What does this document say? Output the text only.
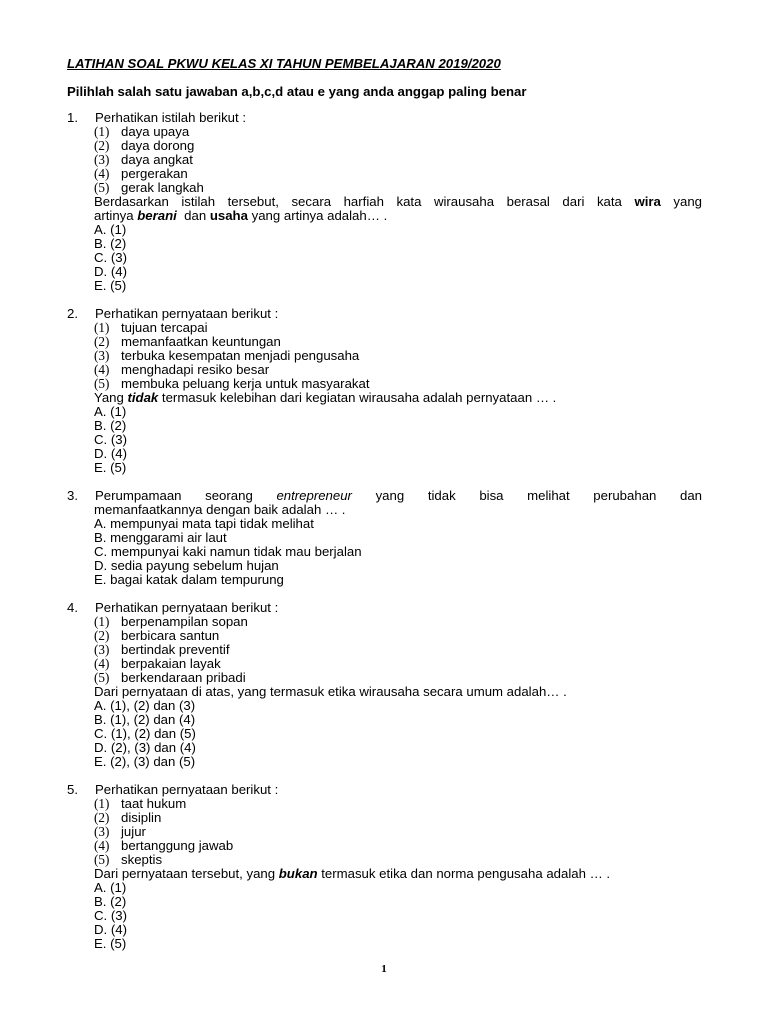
LATIHAN SOAL PKWU KELAS XI TAHUN PEMBELAJARAN 2019/2020
Pilihlah salah satu jawaban a,b,c,d atau e yang anda anggap paling benar
1.	Perhatikan istilah berikut :
(1) daya upaya
(2) daya dorong
(3) daya angkat
(4) pergerakan
(5) gerak langkah
Berdasarkan istilah tersebut, secara harfiah kata wirausaha berasal dari kata wira yang
artinya berani  dan usaha yang artinya adalah… .
A. (1)
B. (2)
C. (3)
D. (4)
E. (5)
2.	Perhatikan pernyataan berikut :
(1) tujuan tercapai
(2) memanfaatkan keuntungan
(3) terbuka kesempatan menjadi pengusaha
(4) menghadapi resiko besar
(5) membuka peluang kerja untuk masyarakat
Yang tidak termasuk kelebihan dari kegiatan wirausaha adalah pernyataan … .
A. (1)
B. (2)
C. (3)
D. (4)
E. (5)
3.	Perumpamaan seorang entrepreneur yang tidak bisa melihat perubahan dan
memanfaatkannya dengan baik adalah … .
A. mempunyai mata tapi tidak melihat
B. menggarami air laut
C. mempunyai kaki namun tidak mau berjalan
D. sedia payung sebelum hujan
E. bagai katak dalam tempurung
4.	Perhatikan pernyataan berikut :
(1) berpenampilan sopan
(2) berbicara santun
(3) bertindak preventif
(4) berpakaian layak
(5) berkendaraan pribadi
Dari pernyataan di atas, yang termasuk etika wirausaha secara umum adalah… .
A. (1), (2) dan (3)
B. (1), (2) dan (4)
C. (1), (2) dan (5)
D. (2), (3) dan (4)
E. (2), (3) dan (5)
5.	Perhatikan pernyataan berikut :
(1) taat hukum
(2) disiplin
(3) jujur
(4) bertanggung jawab
(5) skeptis
Dari pernyataan tersebut, yang bukan termasuk etika dan norma pengusaha adalah … .
A. (1)
B. (2)
C. (3)
D. (4)
E. (5)
1
